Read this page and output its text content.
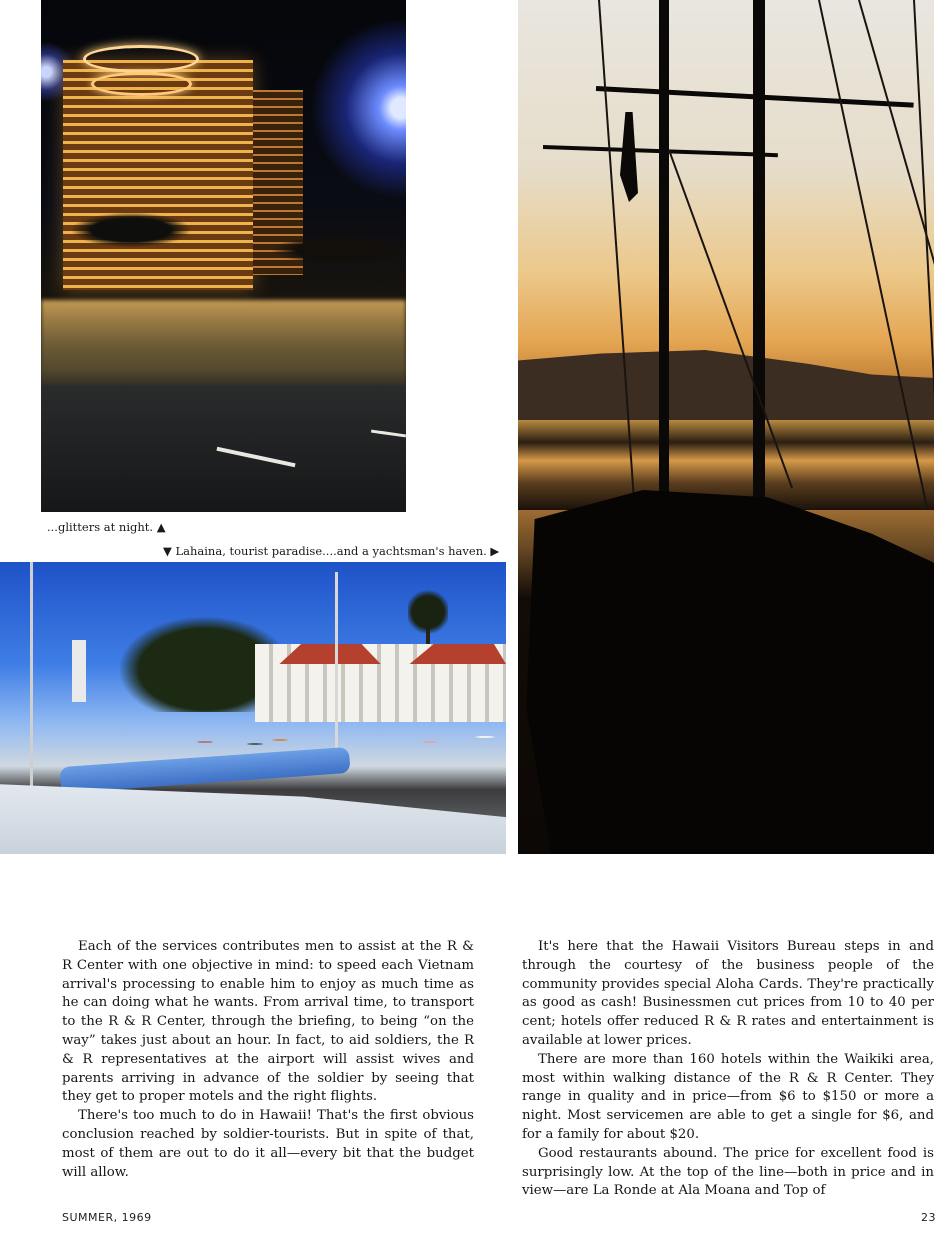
...glitters at night. ▲
▼ Lahaina, tourist paradise....and a yachtsman's haven. ▶

Each of the services contributes men to assist at the R & R Center with one objective in mind: to speed each Vietnam arrival's processing to enable him to enjoy as much time as he can doing what he wants. From arrival time, to transport to the R & R Center, through the briefing, to being “on the way” takes just about an hour. In fact, to aid soldiers, the R & R representatives at the airport will assist wives and parents arriving in advance of the soldier by seeing that they get to proper motels and the right flights.

There's too much to do in Hawaii! That's the first obvious conclusion reached by soldier-tourists. But in spite of that, most of them are out to do it all—every bit that the budget will allow.

It's here that the Hawaii Visitors Bureau steps in and through the courtesy of the business people of the community provides special Aloha Cards. They're practically as good as cash! Businessmen cut prices from 10 to 40 per cent; hotels offer reduced R & R rates and entertainment is available at lower prices.

There are more than 160 hotels within the Waikiki area, most within walking distance of the R & R Center. They range in quality and in price—from $6 to $150 or more a night. Most servicemen are able to get a single for $6, and for a family for about $20.

Good restaurants abound. The price for excellent food is surprisingly low. At the top of the line—both in price and in view—are La Ronde at Ala Moana and Top of

SUMMER, 1969	23
